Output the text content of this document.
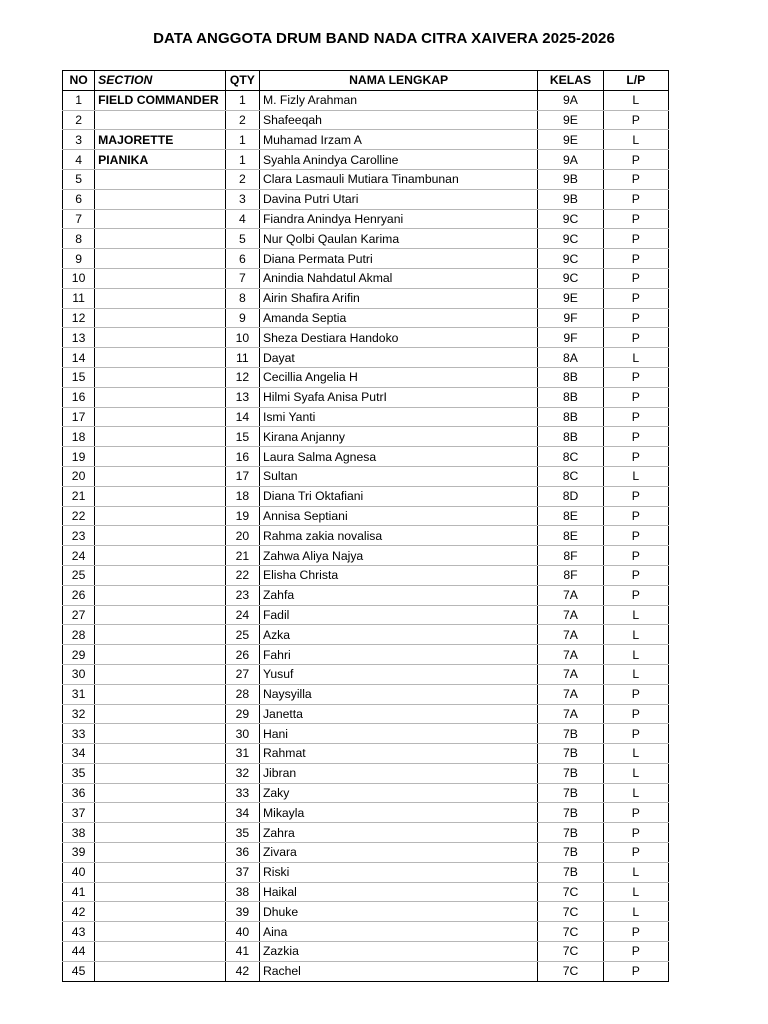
DATA ANGGOTA DRUM BAND NADA CITRA XAIVERA 2025-2026
NO	SECTION	QTY	NAMA LENGKAP	KELAS	L/P
1	FIELD COMMANDER	1	M. Fizly Arahman	9A	L
2		2	Shafeeqah	9E	P
3	MAJORETTE	1	Muhamad Irzam A	9E	L
4	PIANIKA	1	Syahla Anindya Carolline	9A	P
5		2	Clara Lasmauli Mutiara Tinambunan	9B	P
6		3	Davina Putri Utari	9B	P
7		4	Fiandra Anindya Henryani	9C	P
8		5	Nur Qolbi Qaulan Karima	9C	P
9		6	Diana Permata Putri	9C	P
10		7	Anindia Nahdatul Akmal	9C	P
11		8	Airin Shafira Arifin	9E	P
12		9	Amanda Septia	9F	P
13		10	Sheza Destiara Handoko	9F	P
14		11	Dayat	8A	L
15		12	Cecillia Angelia H	8B	P
16		13	Hilmi Syafa Anisa PutrI	8B	P
17		14	Ismi Yanti	8B	P
18		15	Kirana Anjanny	8B	P
19		16	Laura Salma Agnesa	8C	P
20		17	Sultan	8C	L
21		18	Diana Tri Oktafiani	8D	P
22		19	Annisa Septiani	8E	P
23		20	Rahma zakia novalisa	8E	P
24		21	Zahwa Aliya Najya	8F	P
25		22	Elisha Christa	8F	P
26		23	Zahfa	7A	P
27		24	Fadil	7A	L
28		25	Azka	7A	L
29		26	Fahri	7A	L
30		27	Yusuf	7A	L
31		28	Naysyilla	7A	P
32		29	Janetta	7A	P
33		30	Hani	7B	P
34		31	Rahmat	7B	L
35		32	Jibran	7B	L
36		33	Zaky	7B	L
37		34	Mikayla	7B	P
38		35	Zahra	7B	P
39		36	Zivara	7B	P
40		37	Riski	7B	L
41		38	Haikal	7C	L
42		39	Dhuke	7C	L
43		40	Aina	7C	P
44		41	Zazkia	7C	P
45		42	Rachel	7C	P
